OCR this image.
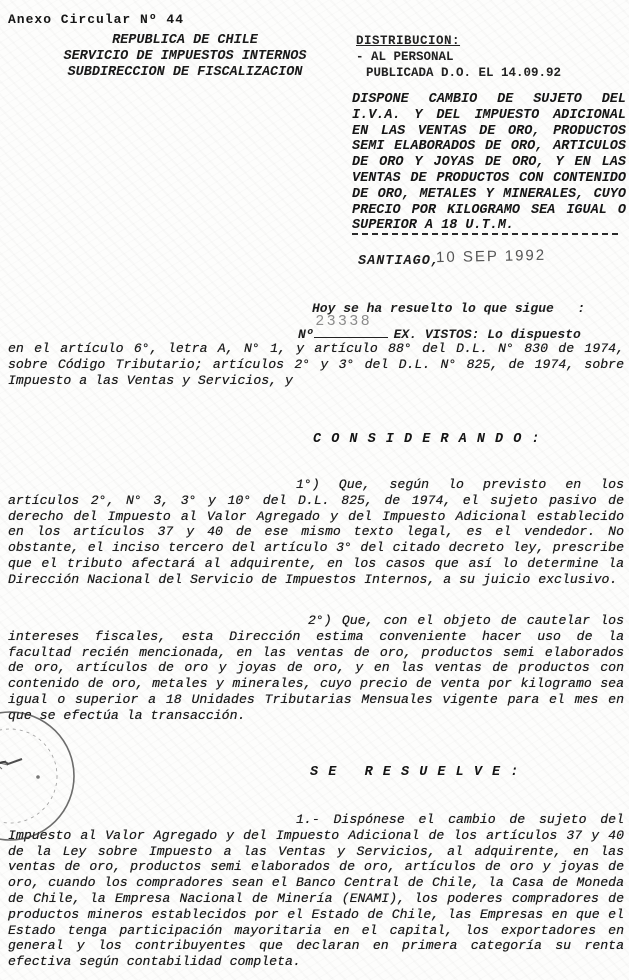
Anexo Circular Nº 44
REPUBLICA DE CHILE
SERVICIO DE IMPUESTOS INTERNOS
SUBDIRECCION DE FISCALIZACION
DISTRIBUCION:
- AL PERSONAL
PUBLICADA D.O. EL 14.09.92
DISPONE CAMBIO DE SUJETO DEL I.V.A. Y DEL IMPUESTO ADICIONAL EN LAS VENTAS DE ORO, PRODUCTOS SEMI ELABORADOS DE ORO, ARTICULOS DE ORO Y JOYAS DE ORO, Y EN LAS VENTAS DE PRODUCTOS CON CONTENIDO DE ORO, METALES Y MINERALES, CUYO PRECIO POR KILOGRAMO SEA IGUAL O SUPERIOR A 18 U.T.M.
SANTIAGO,
10 SEP 1992
Hoy se ha resuelto lo que sigue   :
Nº
23338
EX. VISTOS: Lo dispuesto
en el artículo 6°, letra A, N° 1, y artículo 88° del D.L. N° 830 de 1974, sobre Código Tributario; artículos 2° y 3° del D.L. N° 825, de 1974, sobre Impuesto a las Ventas y Servicios, y
C O N S I D E R A N D O :
1°) Que, según lo previsto en los artículos 2°, N° 3, 3° y 10° del D.L. 825, de 1974, el sujeto pasivo de derecho del Impuesto al Valor Agregado y del Impuesto Adicional establecido en los artículos 37 y 40 de ese mismo texto legal, es el vendedor. No obstante, el inciso tercero del artículo 3° del citado decreto ley, prescribe que el tributo afectará al adquirente, en los casos que así lo determine la Dirección Nacional del Servicio de Impuestos Internos, a su juicio exclusivo.
2°) Que, con el objeto de cautelar los intereses fiscales, esta Dirección estima conveniente hacer uso de la facultad recién mencionada, en las ventas de oro, productos semi elaborados de oro, artículos de oro y joyas de oro, y en las ventas de productos con contenido de oro, metales y minerales, cuyo precio de venta por kilogramo sea igual o superior a 18 Unidades Tributarias Mensuales vigente para el mes en que se efectúa la transacción.
S E   R E S U E L V E :
1.- Dispónese el cambio de sujeto del Impuesto al Valor Agregado y del Impuesto Adicional de los artículos 37 y 40 de la Ley sobre Impuesto a las Ventas y Servicios, al adquirente, en las ventas de oro, productos semi elaborados de oro, artículos de oro y joyas de oro, cuando los compradores sean el Banco Central de Chile, la Casa de Moneda de Chile, la Empresa Nacional de Minería (ENAMI), los poderes compradores de productos mineros establecidos por el Estado de Chile, las Empresas en que el Estado tenga participación mayoritaria en el capital, los exportadores en general y los contribuyentes que declaran en primera categoría su renta efectiva según contabilidad completa.
